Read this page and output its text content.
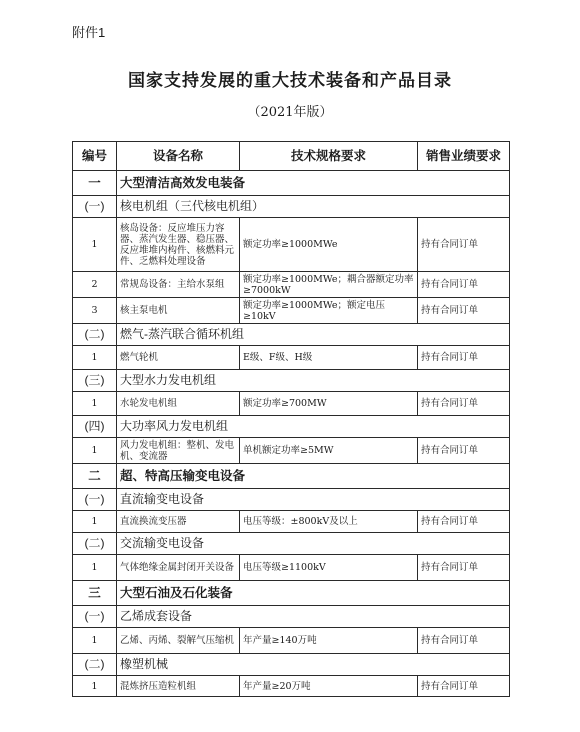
附件1
国家支持发展的重大技术装备和产品目录
（2021年版）
编号	设备名称	技术规格要求	销售业绩要求
一	大型清洁高效发电装备		
(一)	核电机组（三代核电机组）		
1	核岛设备：反应堆压力容器、蒸汽发生器、稳压器、反应堆堆内构件、核燃料元件、乏燃料处理设备	额定功率≥1000MWe	持有合同订单
2	常规岛设备：主给水泵组	额定功率≥1000MWe；耦合器额定功率≥7000kW	持有合同订单
3	核主泵电机	额定功率≥1000MWe；额定电压≥10kV	持有合同订单
(二)	燃气-蒸汽联合循环机组		
1	燃气轮机	E级、F级、H级	持有合同订单
(三)	大型水力发电机组		
1	水轮发电机组	额定功率≥700MW	持有合同订单
(四)	大功率风力发电机组		
1	风力发电机组：整机、发电机、变流器	单机额定功率≥5MW	持有合同订单
二	超、特高压输变电设备		
(一)	直流输变电设备		
1	直流换流变压器	电压等级：±800kV及以上	持有合同订单
(二)	交流输变电设备		
1	气体绝缘金属封闭开关设备	电压等级≥1100kV	持有合同订单
三	大型石油及石化装备		
(一)	乙烯成套设备		
1	乙烯、丙烯、裂解气压缩机	年产量≥140万吨	持有合同订单
(二)	橡塑机械		
1	混炼挤压造粒机组	年产量≥20万吨	持有合同订单
